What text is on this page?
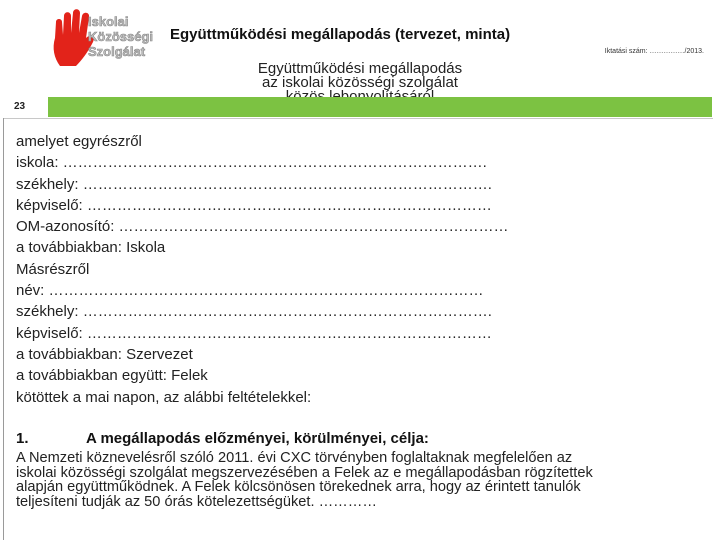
Iskolai
Közösségi
Szolgálat
Együttműködési megállapodás (tervezet, minta)
Iktatási szám: ……………/2013.
Együttműködési megállapodás
az iskolai közösségi szolgálat
23
amelyet egyrészről
iskola: ………………………………………………………………………….
székhely: ……………………………………………………………………….
képviselő: ………………………………………………………………………
OM-azonosító: ……………………………………………………………………
a továbbiakban: Iskola
Másrészről
név: ……………………………………………………………………………
székhely: ……………………………………………………………………….
képviselő: ………………………………………………………………………
a továbbiakban: Szervezet
a továbbiakban együtt: Felek
kötöttek a mai napon, az alábbi feltételekkel:
1.	A megállapodás előzményei, körülményei, célja:
A Nemzeti köznevelésről szóló 2011. évi CXC törvényben foglaltaknak megfelelően az
iskolai közösségi szolgálat megszervezésében a Felek az e megállapodásban rögzítettek
alapján együttműködnek. A Felek kölcsönösen törekednek arra, hogy az érintett tanulók
teljesíteni tudják az 50 órás kötelezettségüket. …………
